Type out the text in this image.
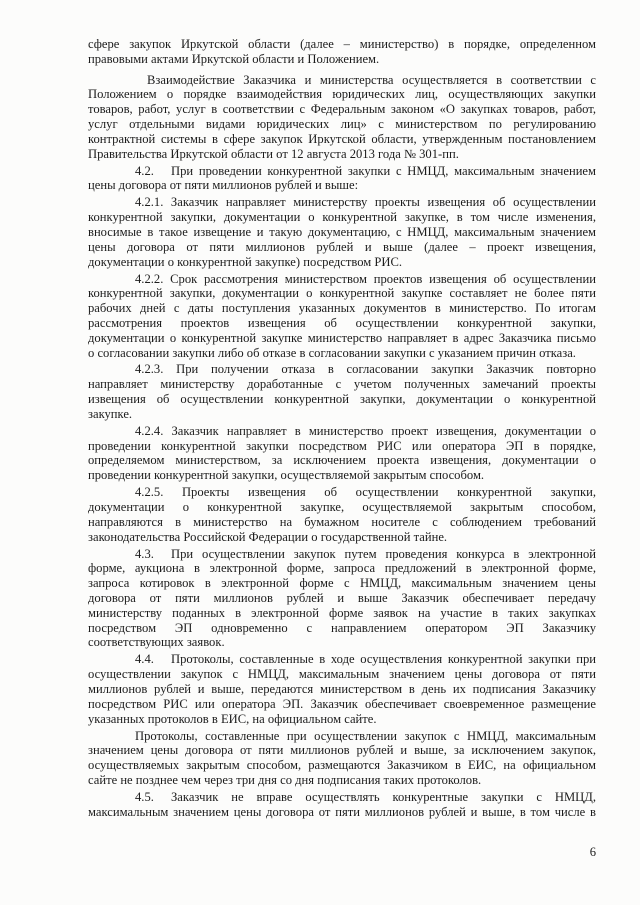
сфере закупок Иркутской области (далее – министерство) в порядке, определенном
правовыми актами Иркутской области и Положением.
Взаимодействие Заказчика и министерства осуществляется в соответствии с
Положением о порядке взаимодействия юридических лиц, осуществляющих закупки
товаров, работ, услуг в соответствии с Федеральным законом «О закупках товаров, работ,
услуг отдельными видами юридических лиц» с министерством по регулированию
контрактной системы в сфере закупок Иркутской области, утвержденным постановлением
Правительства Иркутской области от 12 августа 2013 года № 301-пп.
4.2. При проведении конкурентной закупки с НМЦД, максимальным значением
цены договора от пяти миллионов рублей и выше:
4.2.1. Заказчик направляет министерству проекты извещения об осуществлении
конкурентной закупки, документации о конкурентной закупке, в том числе изменения,
вносимые в такое извещение и такую документацию, с НМЦД, максимальным значением
цены договора от пяти миллионов рублей и выше (далее – проект извещения,
документации о конкурентной закупке) посредством РИС.
4.2.2. Срок рассмотрения министерством проектов извещения об осуществлении
конкурентной закупки, документации о конкурентной закупке составляет не более пяти
рабочих дней с даты поступления указанных документов в министерство. По итогам
рассмотрения проектов извещения об осуществлении конкурентной закупки,
документации о конкурентной закупке министерство направляет в адрес Заказчика письмо
о согласовании закупки либо об отказе в согласовании закупки с указанием причин отказа.
4.2.3. При получении отказа в согласовании закупки Заказчик повторно
направляет министерству доработанные с учетом полученных замечаний проекты
извещения об осуществлении конкурентной закупки, документации о конкурентной
закупке.
4.2.4. Заказчик направляет в министерство проект извещения, документации о
проведении конкурентной закупки посредством РИС или оператора ЭП в порядке,
определяемом министерством, за исключением проекта извещения, документации о
проведении конкурентной закупки, осуществляемой закрытым способом.
4.2.5. Проекты извещения об осуществлении конкурентной закупки,
документации о конкурентной закупке, осуществляемой закрытым способом,
направляются в министерство на бумажном носителе с соблюдением требований
законодательства Российской Федерации о государственной тайне.
4.3. При осуществлении закупок путем проведения конкурса в электронной
форме, аукциона в электронной форме, запроса предложений в электронной форме,
запроса котировок в электронной форме с НМЦД, максимальным значением цены
договора от пяти миллионов рублей и выше Заказчик обеспечивает передачу
министерству поданных в электронной форме заявок на участие в таких закупках
посредством ЭП одновременно с направлением оператором ЭП Заказчику
соответствующих заявок.
4.4. Протоколы, составленные в ходе осуществления конкурентной закупки при
осуществлении закупок с НМЦД, максимальным значением цены договора от пяти
миллионов рублей и выше, передаются министерством в день их подписания Заказчику
посредством РИС или оператора ЭП. Заказчик обеспечивает своевременное размещение
указанных протоколов в ЕИС, на официальном сайте.
Протоколы, составленные при осуществлении закупок с НМЦД, максимальным
значением цены договора от пяти миллионов рублей и выше, за исключением закупок,
осуществляемых закрытым способом, размещаются Заказчиком в ЕИС, на официальном
сайте не позднее чем через три дня со дня подписания таких протоколов.
4.5. Заказчик не вправе осуществлять конкурентные закупки с НМЦД,
максимальным значением цены договора от пяти миллионов рублей и выше, в том числе в
6
